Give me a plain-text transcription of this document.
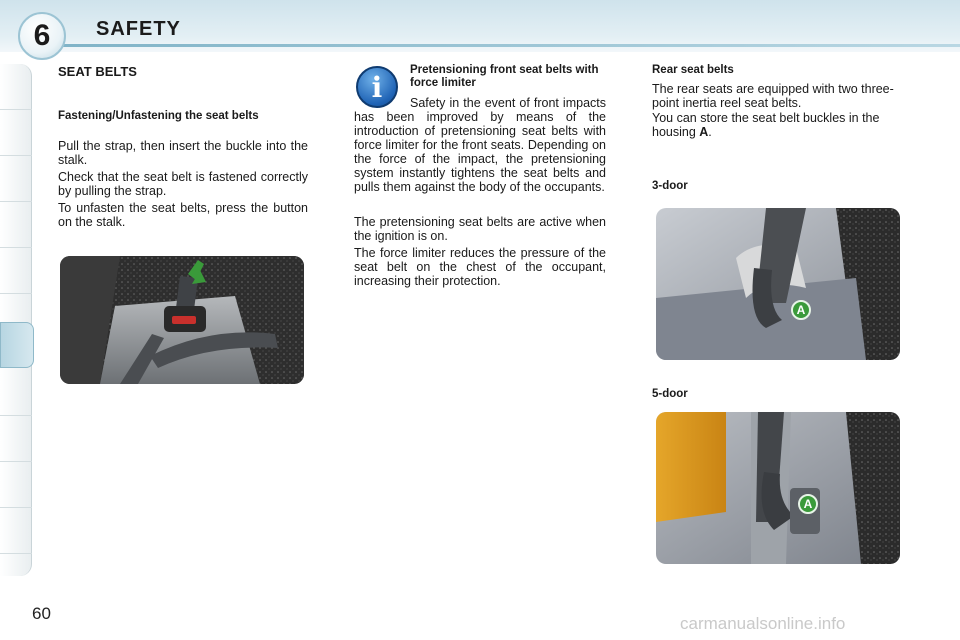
6	SAFETY
SEAT BELTS
Fastening/Unfastening the seat belts
Pull the strap, then insert the buckle into the stalk.
Check that the seat belt is fastened correctly by pulling the strap.
To unfasten the seat belts, press the button on the stalk.
i
Pretensioning front seat belts with force limiter
Safety in the event of front impacts has been improved by means of the introduction of pretensioning seat belts with force limiter for the front seats. Depending on the force of the impact, the pretensioning system instantly tightens the seat belts and pulls them against the body of the occupants.
The pretensioning seat belts are active when the ignition is on.
The force limiter reduces the pressure of the seat belt on the chest of the occupant, increasing their protection.
Rear seat belts
The rear seats are equipped with two three-point inertia reel seat belts.
You can store the seat belt buckles in the housing A.
3-door
A
5-door
A
60
carmanualsonline.info
